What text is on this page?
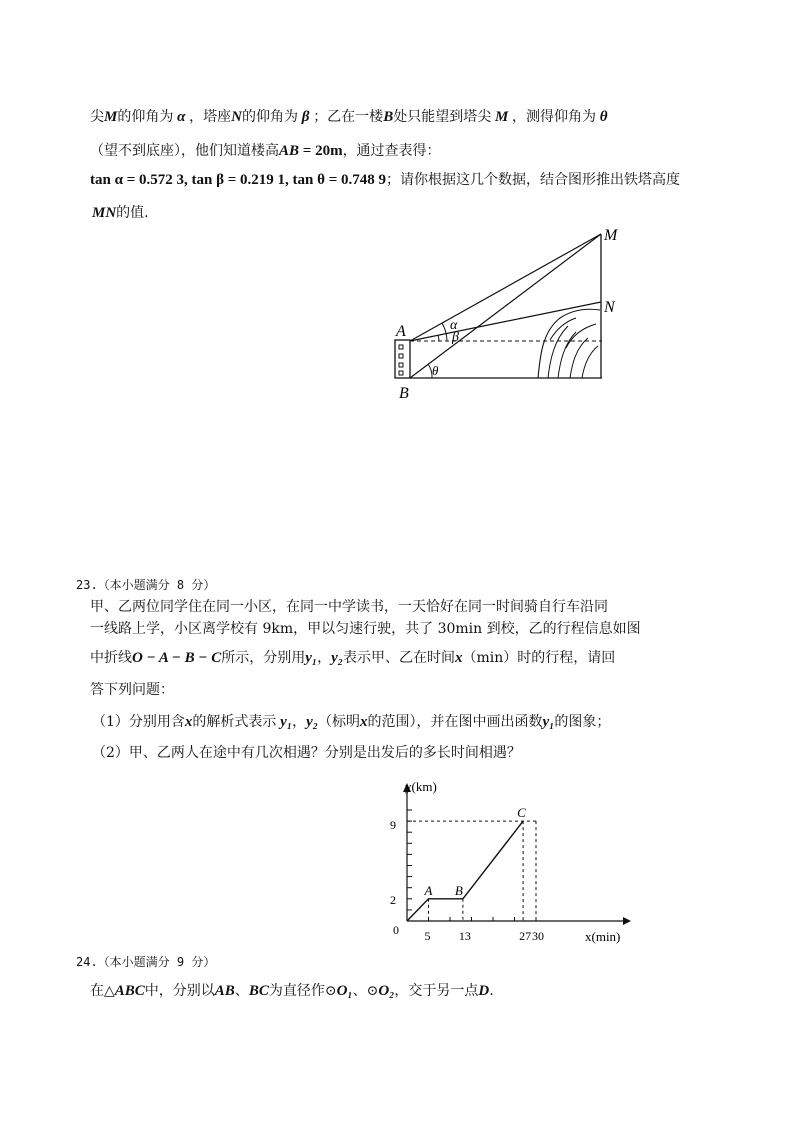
尖M的仰角为 α ，塔座N的仰角为 β ；乙在一楼B处只能望到塔尖 M ，测得仰角为 θ
（望不到底座），他们知道楼高AB = 20m，通过查表得：
tan α = 0.572 3, tan β = 0.219 1, tan θ = 0.748 9；请你根据这几个数据，结合图形推出铁塔高度
MN的值.
A
B
M
N
α
β
θ
23.（本小题满分 8 分）
甲、乙两位同学住在同一小区，在同一中学读书，一天恰好在同一时间骑自行车沿同
一线路上学，小区离学校有 9km，甲以匀速行驶，共了 30min 到校，乙的行程信息如图
中折线O − A − B − C所示，分别用y₁，y₂表示甲、乙在时间x（min）时的行程，请回
答下列问题：
（1）分别用含x的解析式表示 y₁，y₂（标明x的范围），并在图中画出函数y₁的图象；
（2）甲、乙两人在途中有几次相遇？分别是出发后的多长时间相遇？
y(km)
x(min)
0
9
2
5 13	27 30
A B
C
24.（本小题满分 9 分）
在△ABC中，分别以AB、BC为直径作⊙O₁、⊙O₂，交于另一点D.
